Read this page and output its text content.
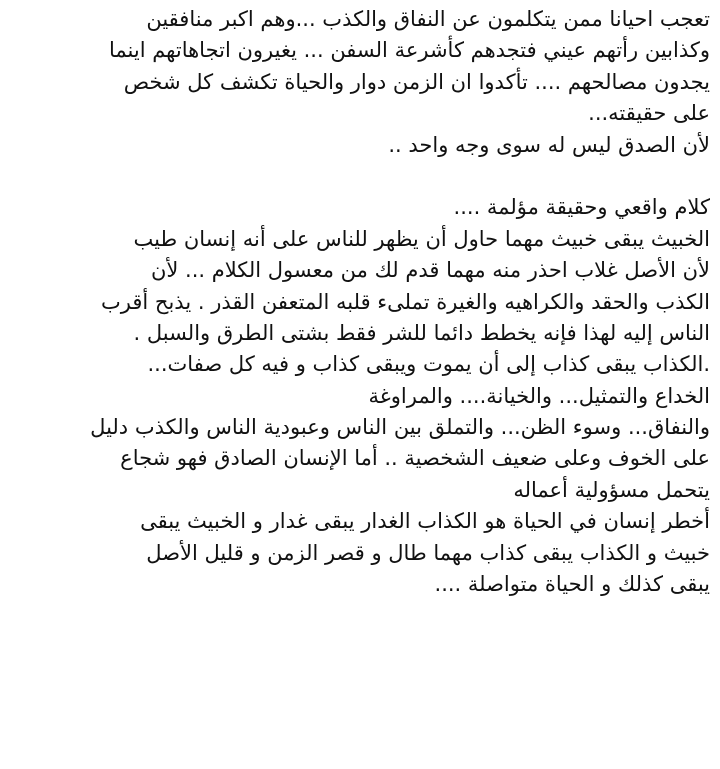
تعجب احيانا ممن يتكلمون عن النفاق والكذب ...وهم اكبر منافقين
وكذابين رأتهم عيني فتجدهم كأشرعة السفن ... يغيرون اتجاهاتهم اينما
يجدون مصالحهم .... تأكدوا ان الزمن دوار والحياة تكشف كل شخص
على حقيقته...
لأن الصدق ليس له سوى وجه واحد ..
كلام واقعي وحقيقة مؤلمة ....
الخبيث يبقى خبيث مهما حاول أن يظهر للناس على أنه إنسان طيب
لأن الأصل غلاب احذر منه مهما قدم لك من معسول الكلام ... لأن
الكذب والحقد والكراهيه والغيرة تملىء قلبه المتعفن القذر . يذبح أقرب
الناس إليه لهذا فإنه يخطط دائما للشر فقط بشتى الطرق والسبل .
.الكذاب يبقى كذاب إلى أن يموت ويبقى كذاب و فيه كل صفات...
الخداع والتمثيل... والخيانة.... والمراوغة
والنفاق... وسوء الظن... والتملق بين الناس وعبودية الناس والكذب دليل
على الخوف وعلى ضعيف الشخصية .. أما الإنسان الصادق فهو شجاع
يتحمل مسؤولية أعماله
أخطر إنسان في الحياة هو الكذاب الغدار يبقى غدار و الخبيث يبقى
خبيث و الكذاب يبقى كذاب مهما طال و قصر الزمن و قليل الأصل
يبقى كذلك و الحياة متواصلة ....
